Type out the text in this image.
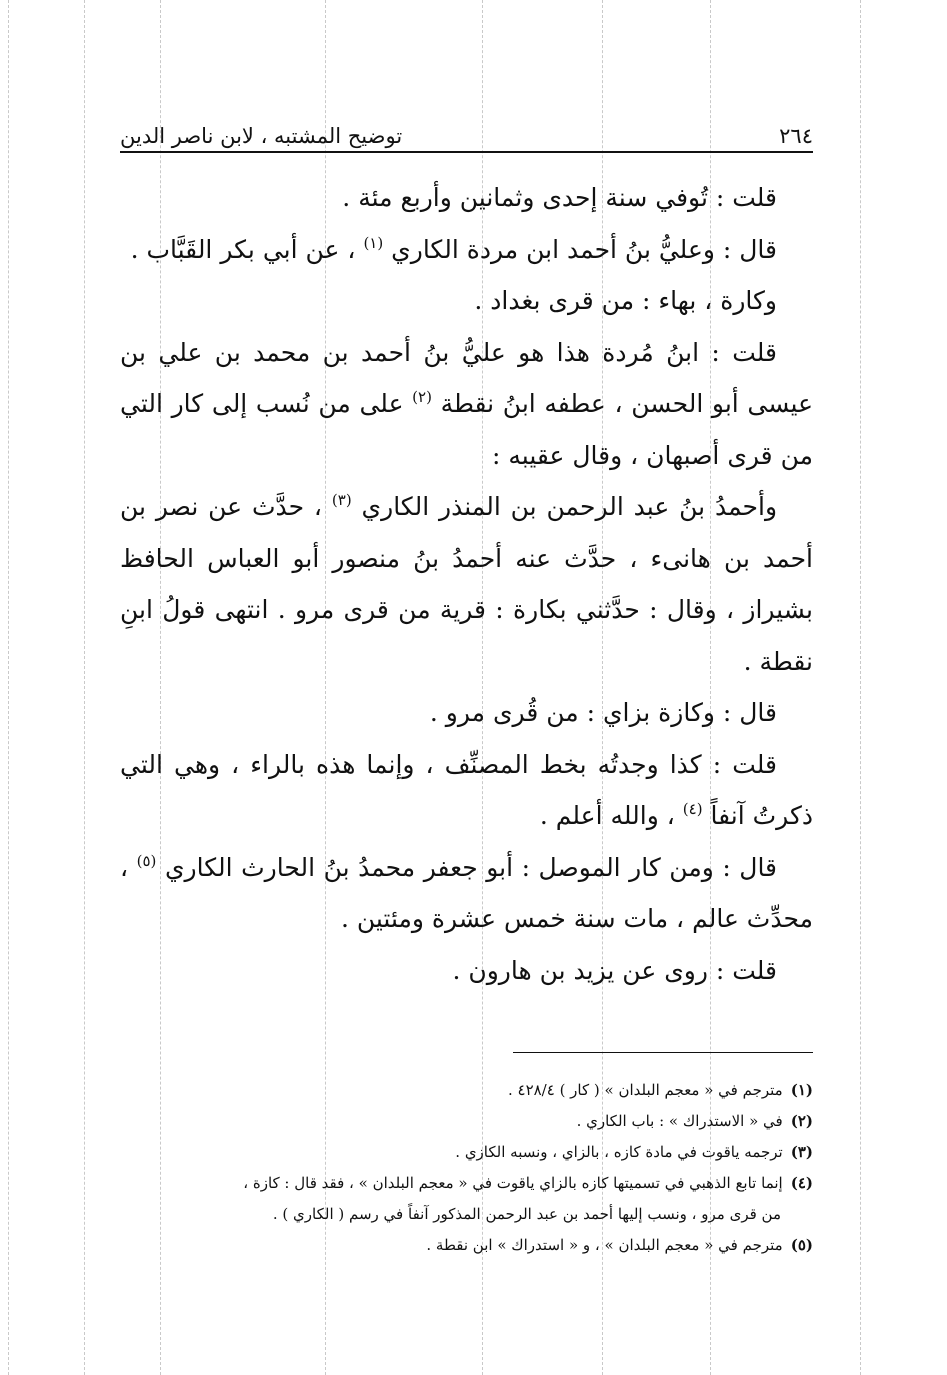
٢٦٤
توضيح المشتبه ، لابن ناصر الدين

قلت : تُوفي سنة إحدى وثمانين وأربع مئة .

قال : وعليُّ بنُ أحمد ابن مردة الكاري $^{(١)}$ ، عن أبي بكر القَبَّاب .

وكارة ، بهاء : من قرى بغداد .

قلت : ابنُ مُردة هذا هو عليُّ بنُ أحمد بن محمد بن علي بن عيسى أبو الحسن ، عطفه ابنُ نقطة $^{(٢)}$ على من نُسب إلى كار التي من قرى أصبهان ، وقال عقيبه :

وأحمدُ بنُ عبد الرحمن بن المنذر الكاري $^{(٣)}$ ، حدَّث عن نصر بن أحمد بن هانىء ، حدَّث عنه أحمدُ بنُ منصور أبو العباس الحافظ بشيراز ، وقال : حدَّثني بكارة : قرية من قرى مرو . انتهى قولُ ابنِ نقطة .

قال : وكازة بزاي : من قُرى مرو .

قلت : كذا وجدتُه بخط المصنِّف ، وإنما هذه بالراء ، وهي التي ذكرتُ آنفاً $^{(٤)}$ ، والله أعلم .

قال : ومن كار الموصل : أبو جعفر محمدُ بنُ الحارث الكاري $^{(٥)}$ ، محدِّث عالم ، مات سنة خمس عشرة ومئتين .

قلت : روى عن يزيد بن هارون .

(١)مترجم في « معجم البلدان » ( كار ) ٤٢٨/٤ .

(٢)في « الاستدراك » : باب الكاري .

(٣)ترجمه ياقوت في مادة كازه ، بالزاي ، ونسبه الكازي .

(٤)إنما تابع الذهبي في تسميتها كازه بالزاي ياقوت في « معجم البلدان » ، فقد قال : كازة ،

من قرى مرو ، ونسب إليها أحمد بن عبد الرحمن المذكور آنفاً في رسم ( الكاري ) .

(٥)مترجم في « معجم البلدان » ، و « استدراك » ابن نقطة .
